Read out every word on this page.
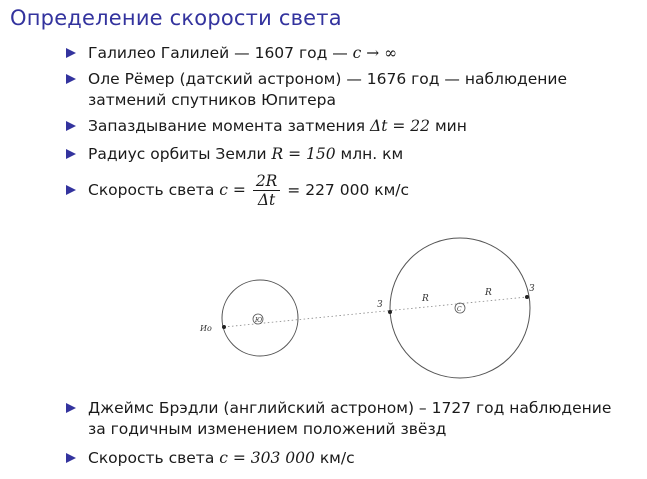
Определение скорости света
Галилео Галилей — 1607 год — c → ∞
Оле Рёмер (датский астроном) — 1676 год — наблюдение затмений спутников Юпитера
Запаздывание момента затмения Δt = 22 мин
Радиус орбиты Земли R = 150 млн. км
Скорость света $c = \frac{2R}{\Delta t} = 227$ 000 км/с
Ю
Ио
С
З
З
R
R
Джеймс Брэдли (английский астроном) – 1727 год наблюдение за годичным изменением положений звёзд
Скорость света c = 303 000 км/с
